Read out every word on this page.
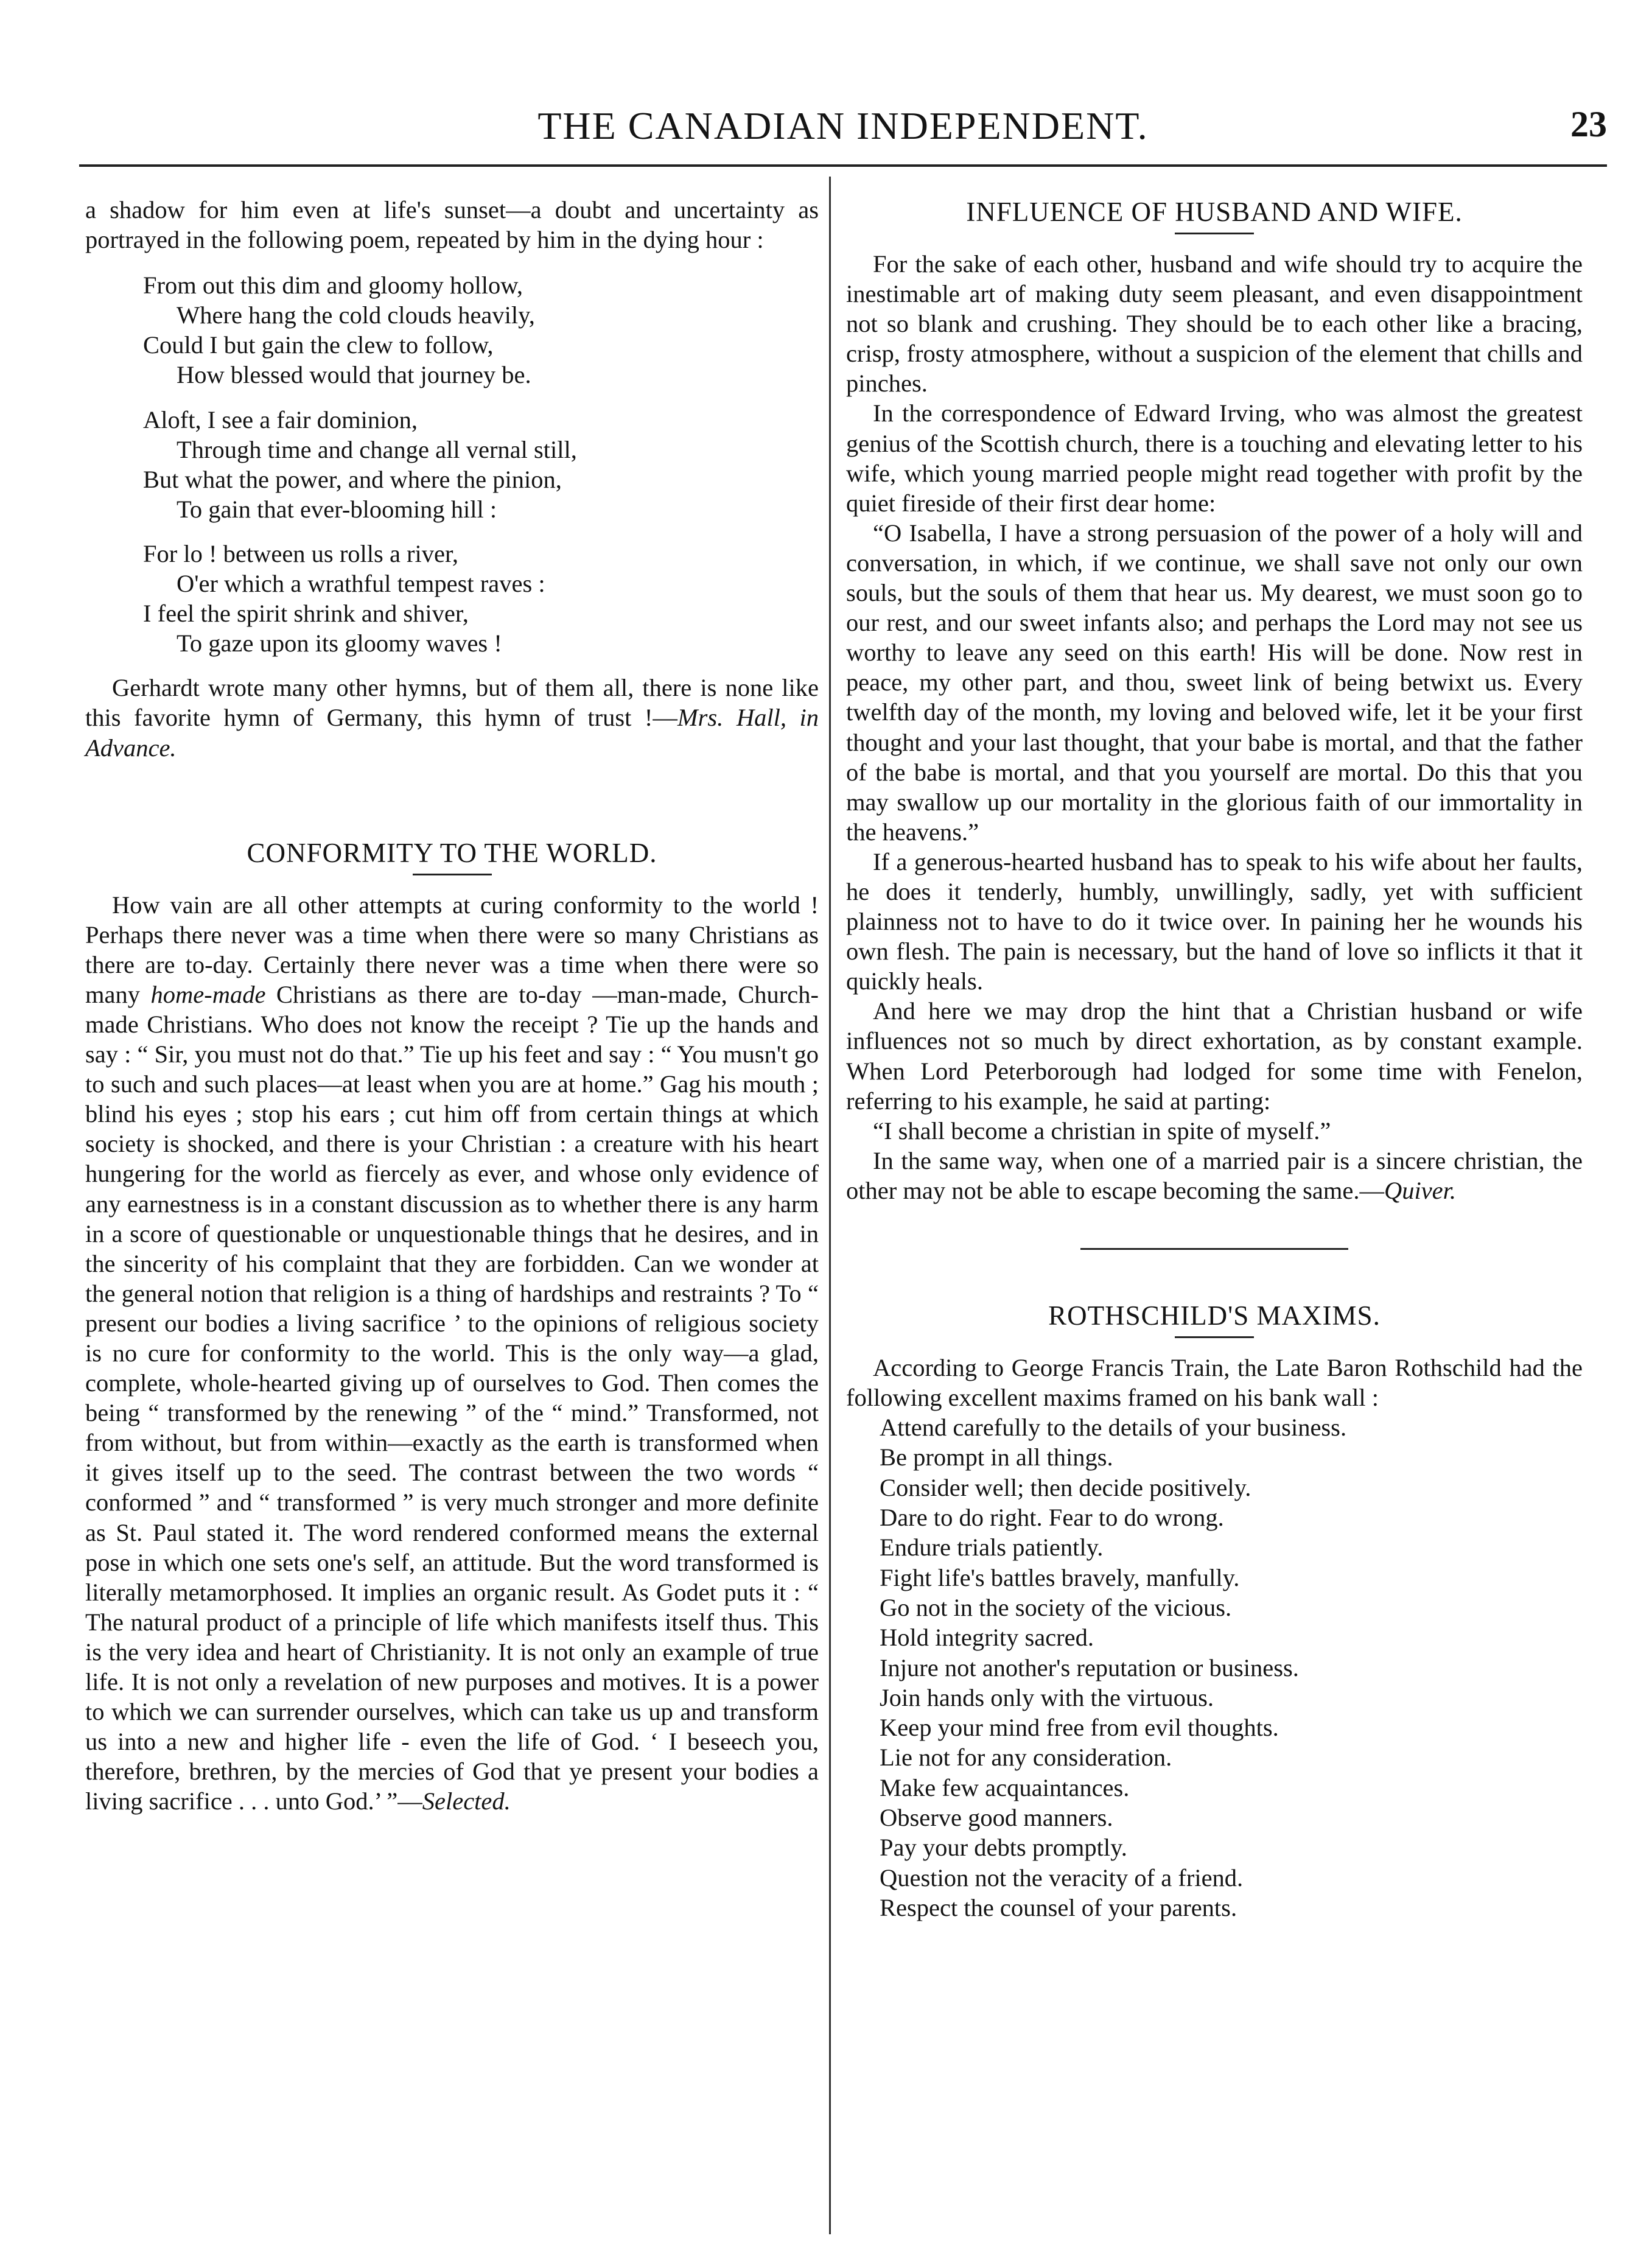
THE CANADIAN INDEPENDENT.	23

a shadow for him even at life's sunset—a doubt and uncertainty as portrayed in the following poem, repeated by him in the dying hour :

From out this dim and gloomy hollow,
Where hang the cold clouds heavily,
Could I but gain the clew to follow,
How blessed would that journey be.
Aloft, I see a fair dominion,
Through time and change all vernal still,
But what the power, and where the pinion,
To gain that ever-blooming hill :
For lo ! between us rolls a river,
O'er which a wrathful tempest raves :
I feel the spirit shrink and shiver,
To gaze upon its gloomy waves !

Gerhardt wrote many other hymns, but of them all, there is none like this favorite hymn of Germany, this hymn of trust !—Mrs. Hall, in Advance.

CONFORMITY TO THE WORLD.

How vain are all other attempts at curing conformity to the world ! Perhaps there never was a time when there were so many Christians as there are to-day. Certainly there never was a time when there were so many home-made Christians as there are to-day —man-made, Church-made Christians. Who does not know the receipt ? Tie up the hands and say : “ Sir, you must not do that.” Tie up his feet and say : “ You musn't go to such and such places—at least when you are at home.” Gag his mouth ; blind his eyes ; stop his ears ; cut him off from certain things at which society is shocked, and there is your Christian : a creature with his heart hungering for the world as fiercely as ever, and whose only evidence of any earnestness is in a constant discussion as to whether there is any harm in a score of questionable or unquestionable things that he desires, and in the sincerity of his complaint that they are forbidden. Can we wonder at the general notion that religion is a thing of hardships and restraints ? To “ present our bodies a living sacrifice ’ to the opinions of religious society is no cure for conformity to the world. This is the only way—a glad, complete, whole-hearted giving up of ourselves to God. Then comes the being “ transformed by the renewing ” of the “ mind.” Transformed, not from without, but from within—exactly as the earth is transformed when it gives itself up to the seed. The contrast between the two words “ conformed ” and “ transformed ” is very much stronger and more definite as St. Paul stated it. The word rendered conformed means the external pose in which one sets one's self, an attitude. But the word transformed is literally metamorphosed. It implies an organic result. As Godet puts it : “ The natural product of a principle of life which manifests itself thus. This is the very idea and heart of Christianity. It is not only an example of true life. It is not only a revelation of new purposes and motives. It is a power to which we can surrender ourselves, which can take us up and transform us into a new and higher life - even the life of God. ‘ I beseech you, therefore, brethren, by the mercies of God that ye present your bodies a living sacrifice . . . unto God.’ ”—Selected.

INFLUENCE OF HUSBAND AND WIFE.

For the sake of each other, husband and wife should try to acquire the inestimable art of making duty seem pleasant, and even disappointment not so blank and crushing. They should be to each other like a bracing, crisp, frosty atmosphere, without a suspicion of the element that chills and pinches.

In the correspondence of Edward Irving, who was almost the greatest genius of the Scottish church, there is a touching and elevating letter to his wife, which young married people might read together with profit by the quiet fireside of their first dear home:

“O Isabella, I have a strong persuasion of the power of a holy will and conversation, in which, if we continue, we shall save not only our own souls, but the souls of them that hear us. My dearest, we must soon go to our rest, and our sweet infants also; and perhaps the Lord may not see us worthy to leave any seed on this earth! His will be done. Now rest in peace, my other part, and thou, sweet link of being betwixt us. Every twelfth day of the month, my loving and beloved wife, let it be your first thought and your last thought, that your babe is mortal, and that the father of the babe is mortal, and that you yourself are mortal. Do this that you may swallow up our mortality in the glorious faith of our immortality in the heavens.”

If a generous-hearted husband has to speak to his wife about her faults, he does it tenderly, humbly, unwillingly, sadly, yet with sufficient plainness not to have to do it twice over. In paining her he wounds his own flesh. The pain is necessary, but the hand of love so inflicts it that it quickly heals.

And here we may drop the hint that a Christian husband or wife influences not so much by direct exhortation, as by constant example. When Lord Peterborough had lodged for some time with Fenelon, referring to his example, he said at parting:

“I shall become a christian in spite of myself.”

In the same way, when one of a married pair is a sincere christian, the other may not be able to escape becoming the same.—Quiver.

ROTHSCHILD'S MAXIMS.

According to George Francis Train, the Late Baron Rothschild had the following excellent maxims framed on his bank wall :

Attend carefully to the details of your business.
Be prompt in all things.
Consider well; then decide positively.
Dare to do right. Fear to do wrong.
Endure trials patiently.
Fight life's battles bravely, manfully.
Go not in the society of the vicious.
Hold integrity sacred.
Injure not another's reputation or business.
Join hands only with the virtuous.
Keep your mind free from evil thoughts.
Lie not for any consideration.
Make few acquaintances.
Observe good manners.
Pay your debts promptly.
Question not the veracity of a friend.
Respect the counsel of your parents.
